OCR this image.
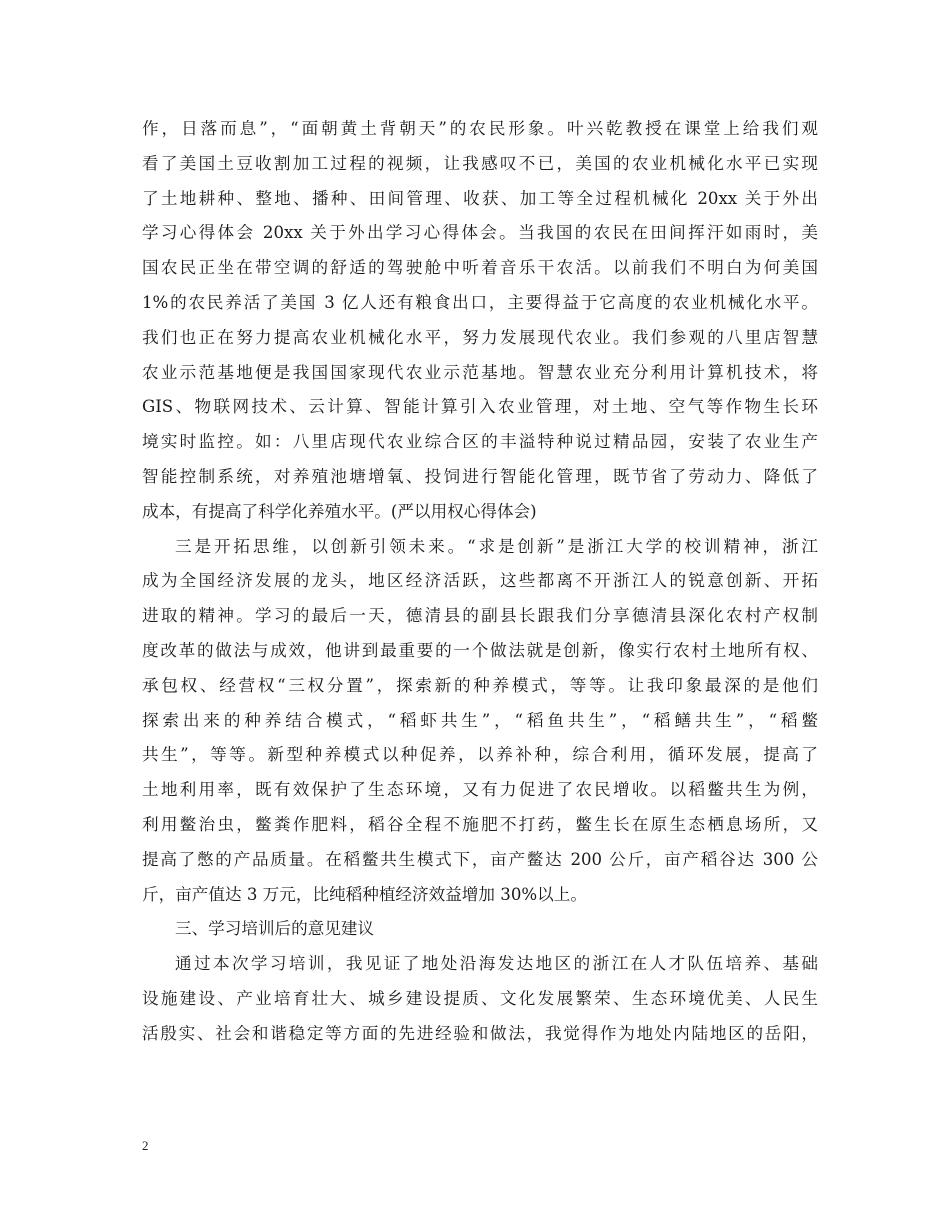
作，日落而息”，“面朝黄土背朝天”的农民形象。叶兴乾教授在课堂上给我们观
看了美国土豆收割加工过程的视频，让我感叹不已，美国的农业机械化水平已实现
了土地耕种、整地、播种、田间管理、收获、加工等全过程机械化 20xx 关于外出
学习心得体会 20xx 关于外出学习心得体会。当我国的农民在田间挥汗如雨时，美
国农民正坐在带空调的舒适的驾驶舱中听着音乐干农活。以前我们不明白为何美国
1%的农民养活了美国 3 亿人还有粮食出口，主要得益于它高度的农业机械化水平。
我们也正在努力提高农业机械化水平，努力发展现代农业。我们参观的八里店智慧
农业示范基地便是我国国家现代农业示范基地。智慧农业充分利用计算机技术，将
GIS、物联网技术、云计算、智能计算引入农业管理，对土地、空气等作物生长环
境实时监控。如：八里店现代农业综合区的丰溢特种说过精品园，安装了农业生产
智能控制系统，对养殖池塘增氧、投饲进行智能化管理，既节省了劳动力、降低了
成本，有提高了科学化养殖水平。(严以用权心得体会)
三是开拓思维，以创新引领未来。“求是创新”是浙江大学的校训精神，浙江
成为全国经济发展的龙头，地区经济活跃，这些都离不开浙江人的锐意创新、开拓
进取的精神。学习的最后一天，德清县的副县长跟我们分享德清县深化农村产权制
度改革的做法与成效，他讲到最重要的一个做法就是创新，像实行农村土地所有权、
承包权、经营权“三权分置”，探索新的种养模式，等等。让我印象最深的是他们
探索出来的种养结合模式，“稻虾共生”，“稻鱼共生”，“稻鳝共生”，“稻鳖
共生”，等等。新型种养模式以种促养，以养补种，综合利用，循环发展，提高了
土地利用率，既有效保护了生态环境，又有力促进了农民增收。以稻鳖共生为例，
利用鳖治虫，鳖粪作肥料，稻谷全程不施肥不打药，鳖生长在原生态栖息场所，又
提高了憋的产品质量。在稻鳖共生模式下，亩产鳖达 200 公斤，亩产稻谷达 300 公
斤，亩产值达 3 万元，比纯稻种植经济效益增加 30%以上。
三、学习培训后的意见建议
通过本次学习培训，我见证了地处沿海发达地区的浙江在人才队伍培养、基础
设施建设、产业培育壮大、城乡建设提质、文化发展繁荣、生态环境优美、人民生
活殷实、社会和谐稳定等方面的先进经验和做法，我觉得作为地处内陆地区的岳阳，
2
